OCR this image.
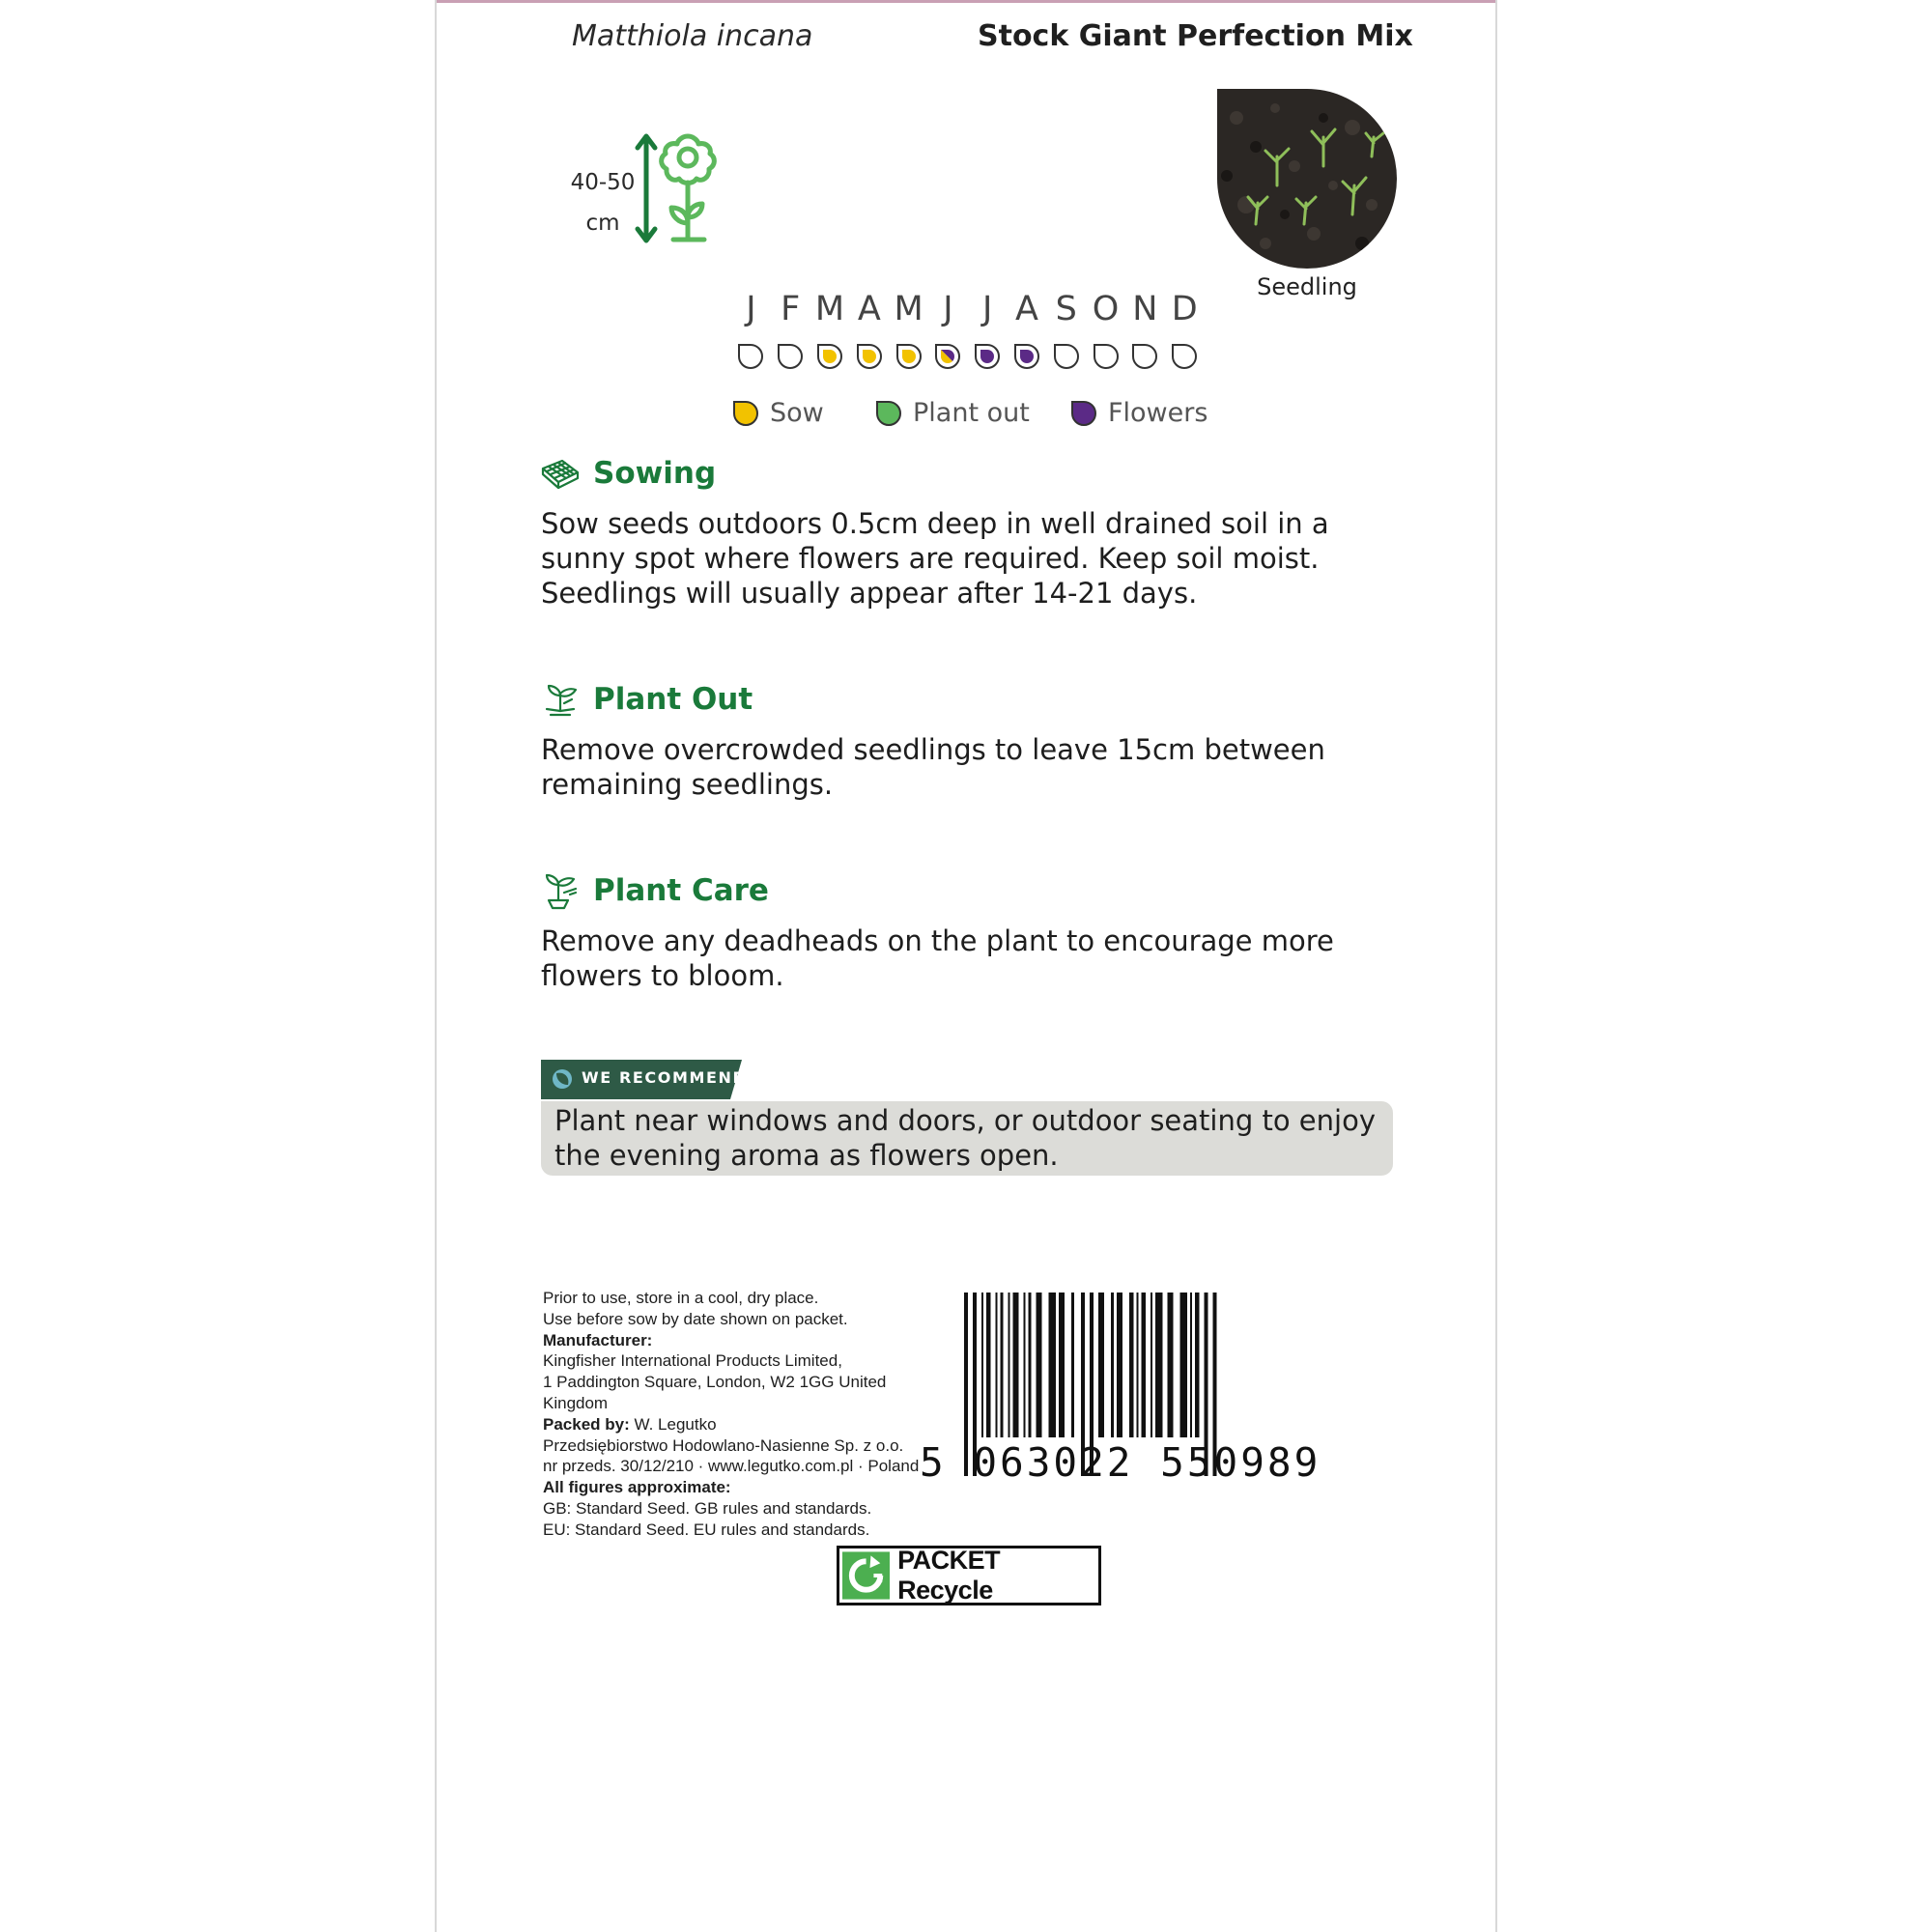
Matthiola incana	Stock Giant Perfection Mix
40-50
cm
Seedling
J F M A M J J A S O N D
Sow	Plant out	Flowers
Sowing
Sow seeds outdoors 0.5cm deep in well drained soil in a sunny spot where flowers are required. Keep soil moist. Seedlings will usually appear after 14-21 days.
Plant Out
Remove overcrowded seedlings to leave 15cm between remaining seedlings.
Plant Care
Remove any deadheads on the plant to encourage more flowers to bloom.
WE RECOMMEND:
Plant near windows and doors, or outdoor seating to enjoy the evening aroma as flowers open.
Prior to use, store in a cool, dry place.
Use before sow by date shown on packet.
Manufacturer:
Kingfisher International Products Limited,
1 Paddington Square, London, W2 1GG United Kingdom
Packed by: W. Legutko
Przedsiębiorstwo Hodowlano-Nasienne Sp. z o.o.
nr przeds. 30/12/210 · www.legutko.com.pl · Poland
All figures approximate:
GB: Standard Seed. GB rules and standards.
EU: Standard Seed. EU rules and standards.
5 063022 550989
PACKET Recycle
